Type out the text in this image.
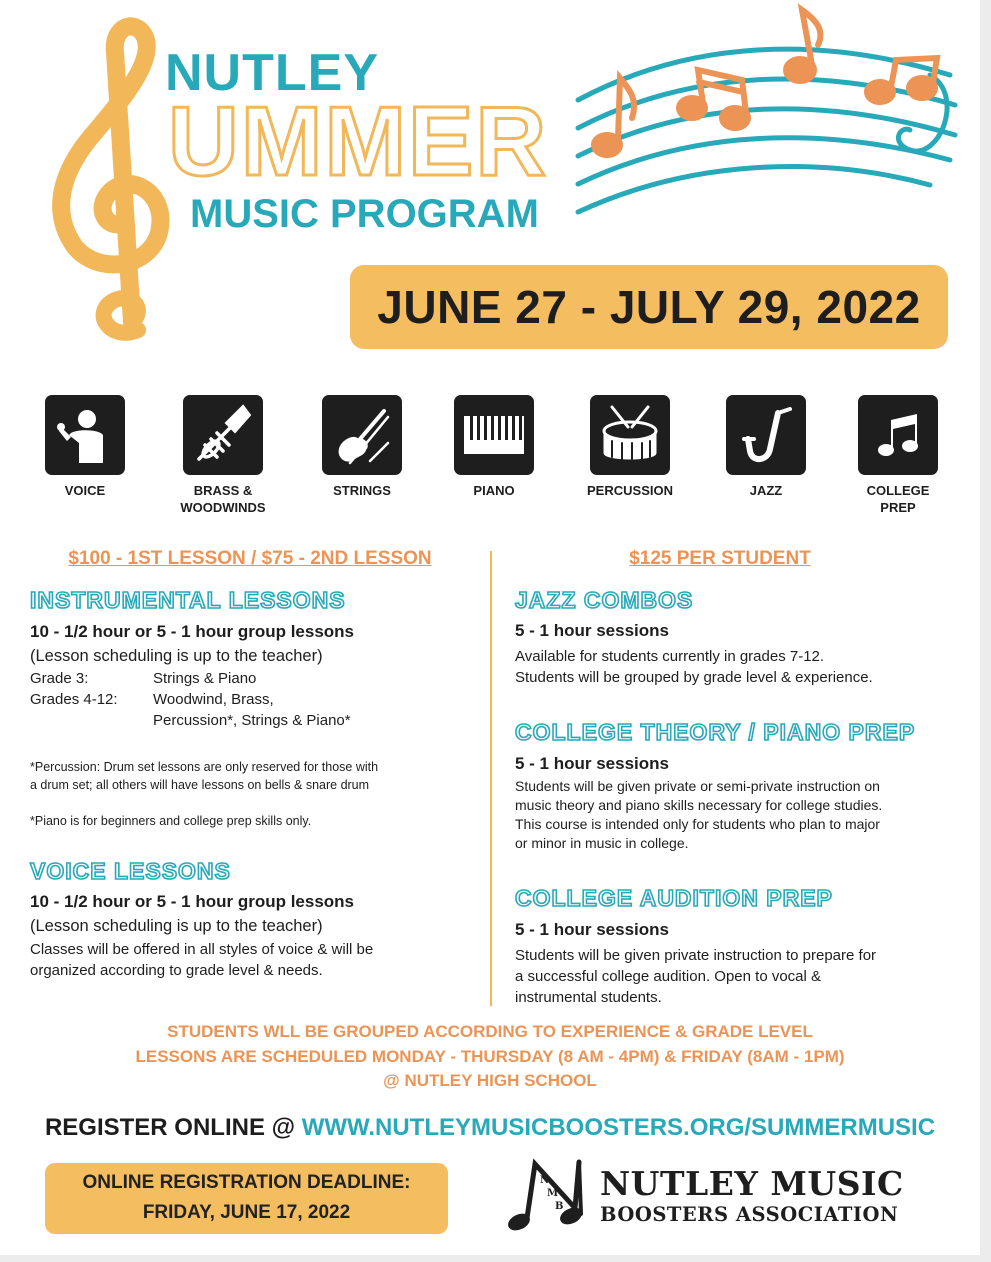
NUTLEY
UMMER
MUSIC PROGRAM
JUNE 27 - JULY 29, 2022
VOICE	BRASS &
WOODWINDS
STRINGS	PIANO	PERCUSSION	JAZZ	COLLEGE
PREP
$100 - 1ST LESSON / $75 - 2ND LESSON
INSTRUMENTAL LESSONS
10 - 1/2 hour or 5 - 1 hour group lessons
(Lesson scheduling is up to the teacher)
Grade 3:	Strings & Piano
Grades 4-12: Woodwind, Brass,
Percussion*, Strings & Piano*
*Percussion: Drum set lessons are only reserved for those with
a drum set; all others will have lessons on bells & snare drum
*Piano is for beginners and college prep skills only.
VOICE LESSONS
10 - 1/2 hour or 5 - 1 hour group lessons
(Lesson scheduling is up to the teacher)
Classes will be offered in all styles of voice & will be
organized according to grade level & needs.
$125 PER STUDENT
JAZZ COMBOS
5 - 1 hour sessions
Available for students currently in grades 7-12.
Students will be grouped by grade level & experience.
COLLEGE THEORY / PIANO PREP
5 - 1 hour sessions
Students will be given private or semi-private instruction on
music theory and piano skills necessary for college studies.
This course is intended only for students who plan to major
or minor in music in college.
COLLEGE AUDITION PREP
5 - 1 hour sessions
Students will be given private instruction to prepare for
a successful college audition. Open to vocal &
instrumental students.
STUDENTS WLL BE GROUPED ACCORDING TO EXPERIENCE & GRADE LEVEL
LESSONS ARE SCHEDULED MONDAY - THURSDAY (8 AM - 4PM) & FRIDAY (8AM - 1PM)
@ NUTLEY HIGH SCHOOL
REGISTER ONLINE @ WWW.NUTLEYMUSICBOOSTERS.ORG/SUMMERMUSIC
ONLINE REGISTRATION DEADLINE:
FRIDAY, JUNE 17, 2022
N
M
B
A
NUTLEY MUSIC
BOOSTERS ASSOCIATION
